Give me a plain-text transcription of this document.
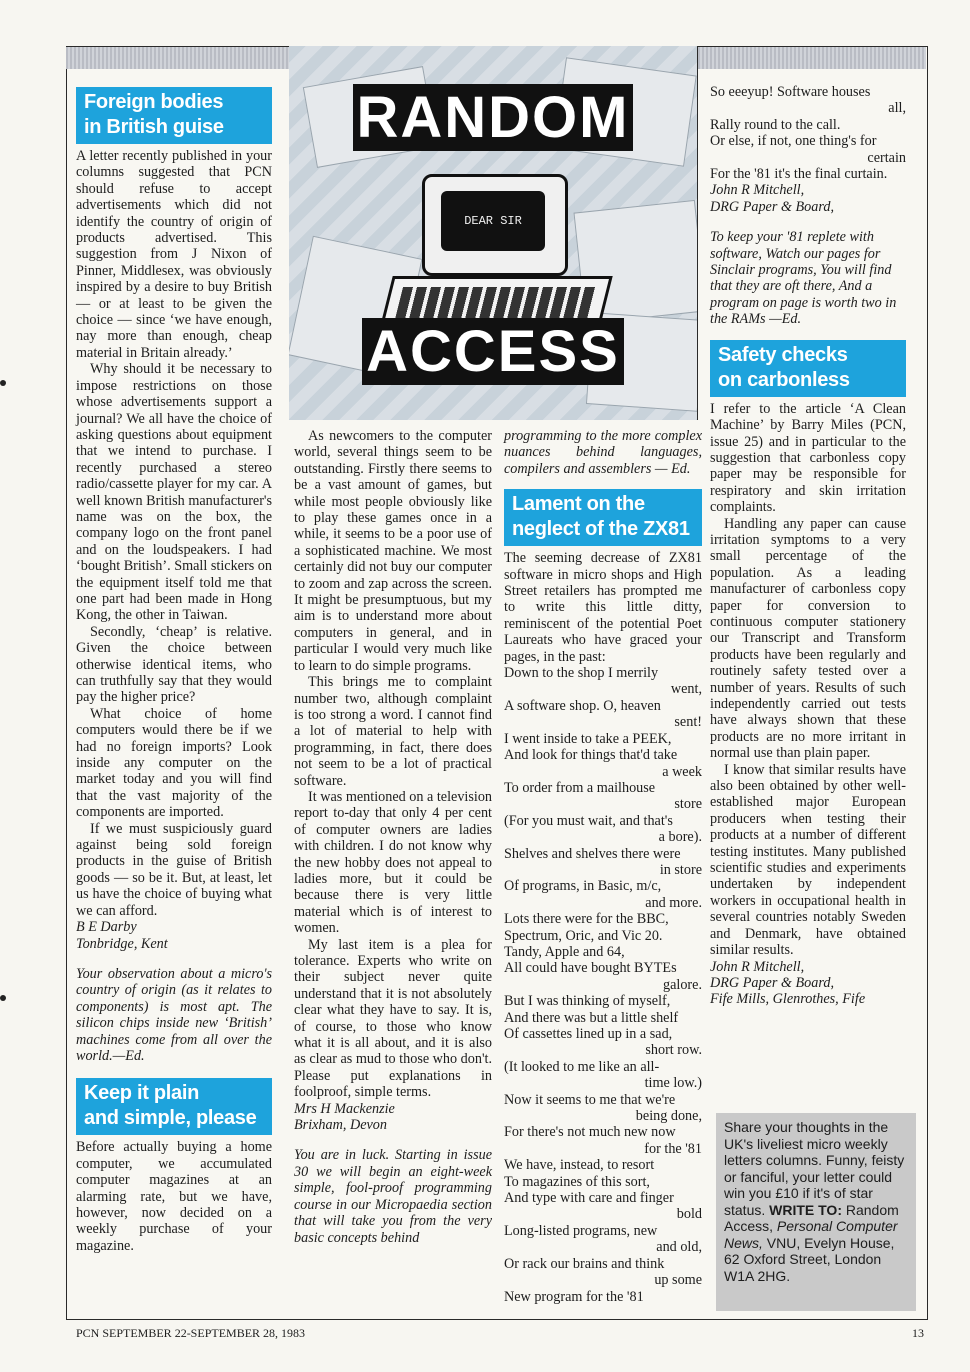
Foreign bodies
in British guise

A letter recently published in your columns suggested that PCN should refuse to accept advertisements which did not identify the country of origin of products advertised. This suggestion from J Nixon of Pinner, Middlesex, was obviously inspired by a desire to buy British — or at least to be given the choice — since ‘we have enough, nay more than enough, cheap material in Britain already.’

Why should it be necessary to impose restrictions on those whose advertisements support a journal? We all have the choice of asking questions about equipment that we intend to purchase. I recently purchased a stereo radio/cassette player for my car. A well known British manufacturer's name was on the box, the company logo on the front panel and on the loudspeakers. I had ‘bought British’. Small stickers on the equipment itself told me that one part had been made in Hong Kong, the other in Taiwan.

Secondly, ‘cheap’ is relative. Given the choice between otherwise identical items, who can truthfully say that they would pay the higher price?

What choice of home computers would there be if we had no foreign imports? Look inside any computer on the market today and you will find that the vast majority of the components are imported.

If we must suspiciously guard against being sold foreign products in the guise of British goods — so be it. But, at least, let us have the choice of buying what we can afford.

B E Darby

Tonbridge, Kent

Your observation about a micro's country of origin (as it relates to components) is most apt. The silicon chips inside new ‘British’ machines come from all over the world.—Ed.

Keep it plain
and simple, please

Before actually buying a home computer, we accumulated computer magazines at an alarming rate, but we have, however, now decided on a weekly purchase of your magazine.

RANDOM
DEAR SIR
ACCESS

As newcomers to the computer world, several things seem to be outstanding. Firstly there seems to be a vast amount of games, but while most people obviously like to play these games once in a while, it seems to be a poor use of a sophisticated machine. We most certainly did not buy our computer to zoom and zap across the screen. It might be presumptuous, but my aim is to understand more about computers in general, and in particular I would very much like to learn to do simple programs.

This brings me to complaint number two, although complaint is too strong a word. I cannot find a lot of material to help with programming, in fact, there does not seem to be a lot of practical software.

It was mentioned on a television report to-day that only 4 per cent of computer owners are ladies with children. I do not know why the new hobby does not appeal to ladies more, but it could be because there is very little material which is of interest to women.

My last item is a plea for tolerance. Experts who write on their subject never quite understand that it is not absolutely clear what they have to say. It is, of course, to those who know what it is all about, and it is also as clear as mud to those who don't. Please put explanations in foolproof, simple terms.

Mrs H Mackenzie

Brixham, Devon

You are in luck. Starting in issue 30 we will begin an eight-week simple, fool-proof programming course in our Micropaedia section that will take you from the very basic concepts behind

programming to the more complex nuances behind languages, compilers and assemblers — Ed.

Lament on the
neglect of the ZX81

The seeming decrease of ZX81 software in micro shops and High Street retailers has prompted me to write this little ditty, reminiscent of the potential Poet Laureats who have graced your pages, in the past:

Down to the shop I merrily
went,

A software shop. O, heaven
sent!

I went inside to take a PEEK,

And look for things that'd take
a week

To order from a mailhouse
store

(For you must wait, and that's
a bore).

Shelves and shelves there were
in store

Of programs, in Basic, m/c,
and more.

Lots there were for the BBC,

Spectrum, Oric, and Vic 20.

Tandy, Apple and 64,

All could have bought BYTEs
galore.

But I was thinking of myself,

And there was but a little shelf

Of cassettes lined up in a sad,
short row.

(It looked to me like an all-
time low.)

Now it seems to me that we're
being done,

For there's not much new now
for the '81

We have, instead, to resort

To magazines of this sort,

And type with care and finger
bold

Long-listed programs, new
and old,

Or rack our brains and think
up some

New program for the '81

So eeeyup! Software houses
all,

Rally round to the call.

Or else, if not, one thing's for
certain

For the '81 it's the final curtain.

John R Mitchell,

DRG Paper & Board,

To keep your '81 replete with software, Watch our pages for Sinclair programs, You will find that they are oft there, And a program on page is worth two in the RAMs —Ed.

Safety checks
on carbonless

I refer to the article ‘A Clean Machine’ by Barry Miles (PCN, issue 25) and in particular to the suggestion that carbonless copy paper may be responsible for respiratory and skin irritation complaints.

Handling any paper can cause irritation symptoms to a very small percentage of the population. As a leading manufacturer of carbonless copy paper for conversion to continuous computer stationery our Transcript and Transform products have been regularly and routinely safety tested over a number of years. Results of such independently carried out tests have always shown that these products are no more irritant in normal use than plain paper.

I know that similar results have also been obtained by other well-established major European producers when testing their products at a number of different testing institutes. Many published scientific studies and experiments undertaken by independent workers in occupational health in several countries notably Sweden and Denmark, have obtained similar results.

John R Mitchell,

DRG Paper & Board,

Fife Mills, Glenrothes, Fife

Share your thoughts in the UK's liveliest micro weekly letters columns. Funny, feisty or fanciful, your letter could win you £10 if it's of star status. WRITE TO: Random Access, Personal Computer News, VNU, Evelyn House, 62 Oxford Street, London W1A 2HG.
PCN SEPTEMBER 22-SEPTEMBER 28, 1983	13
